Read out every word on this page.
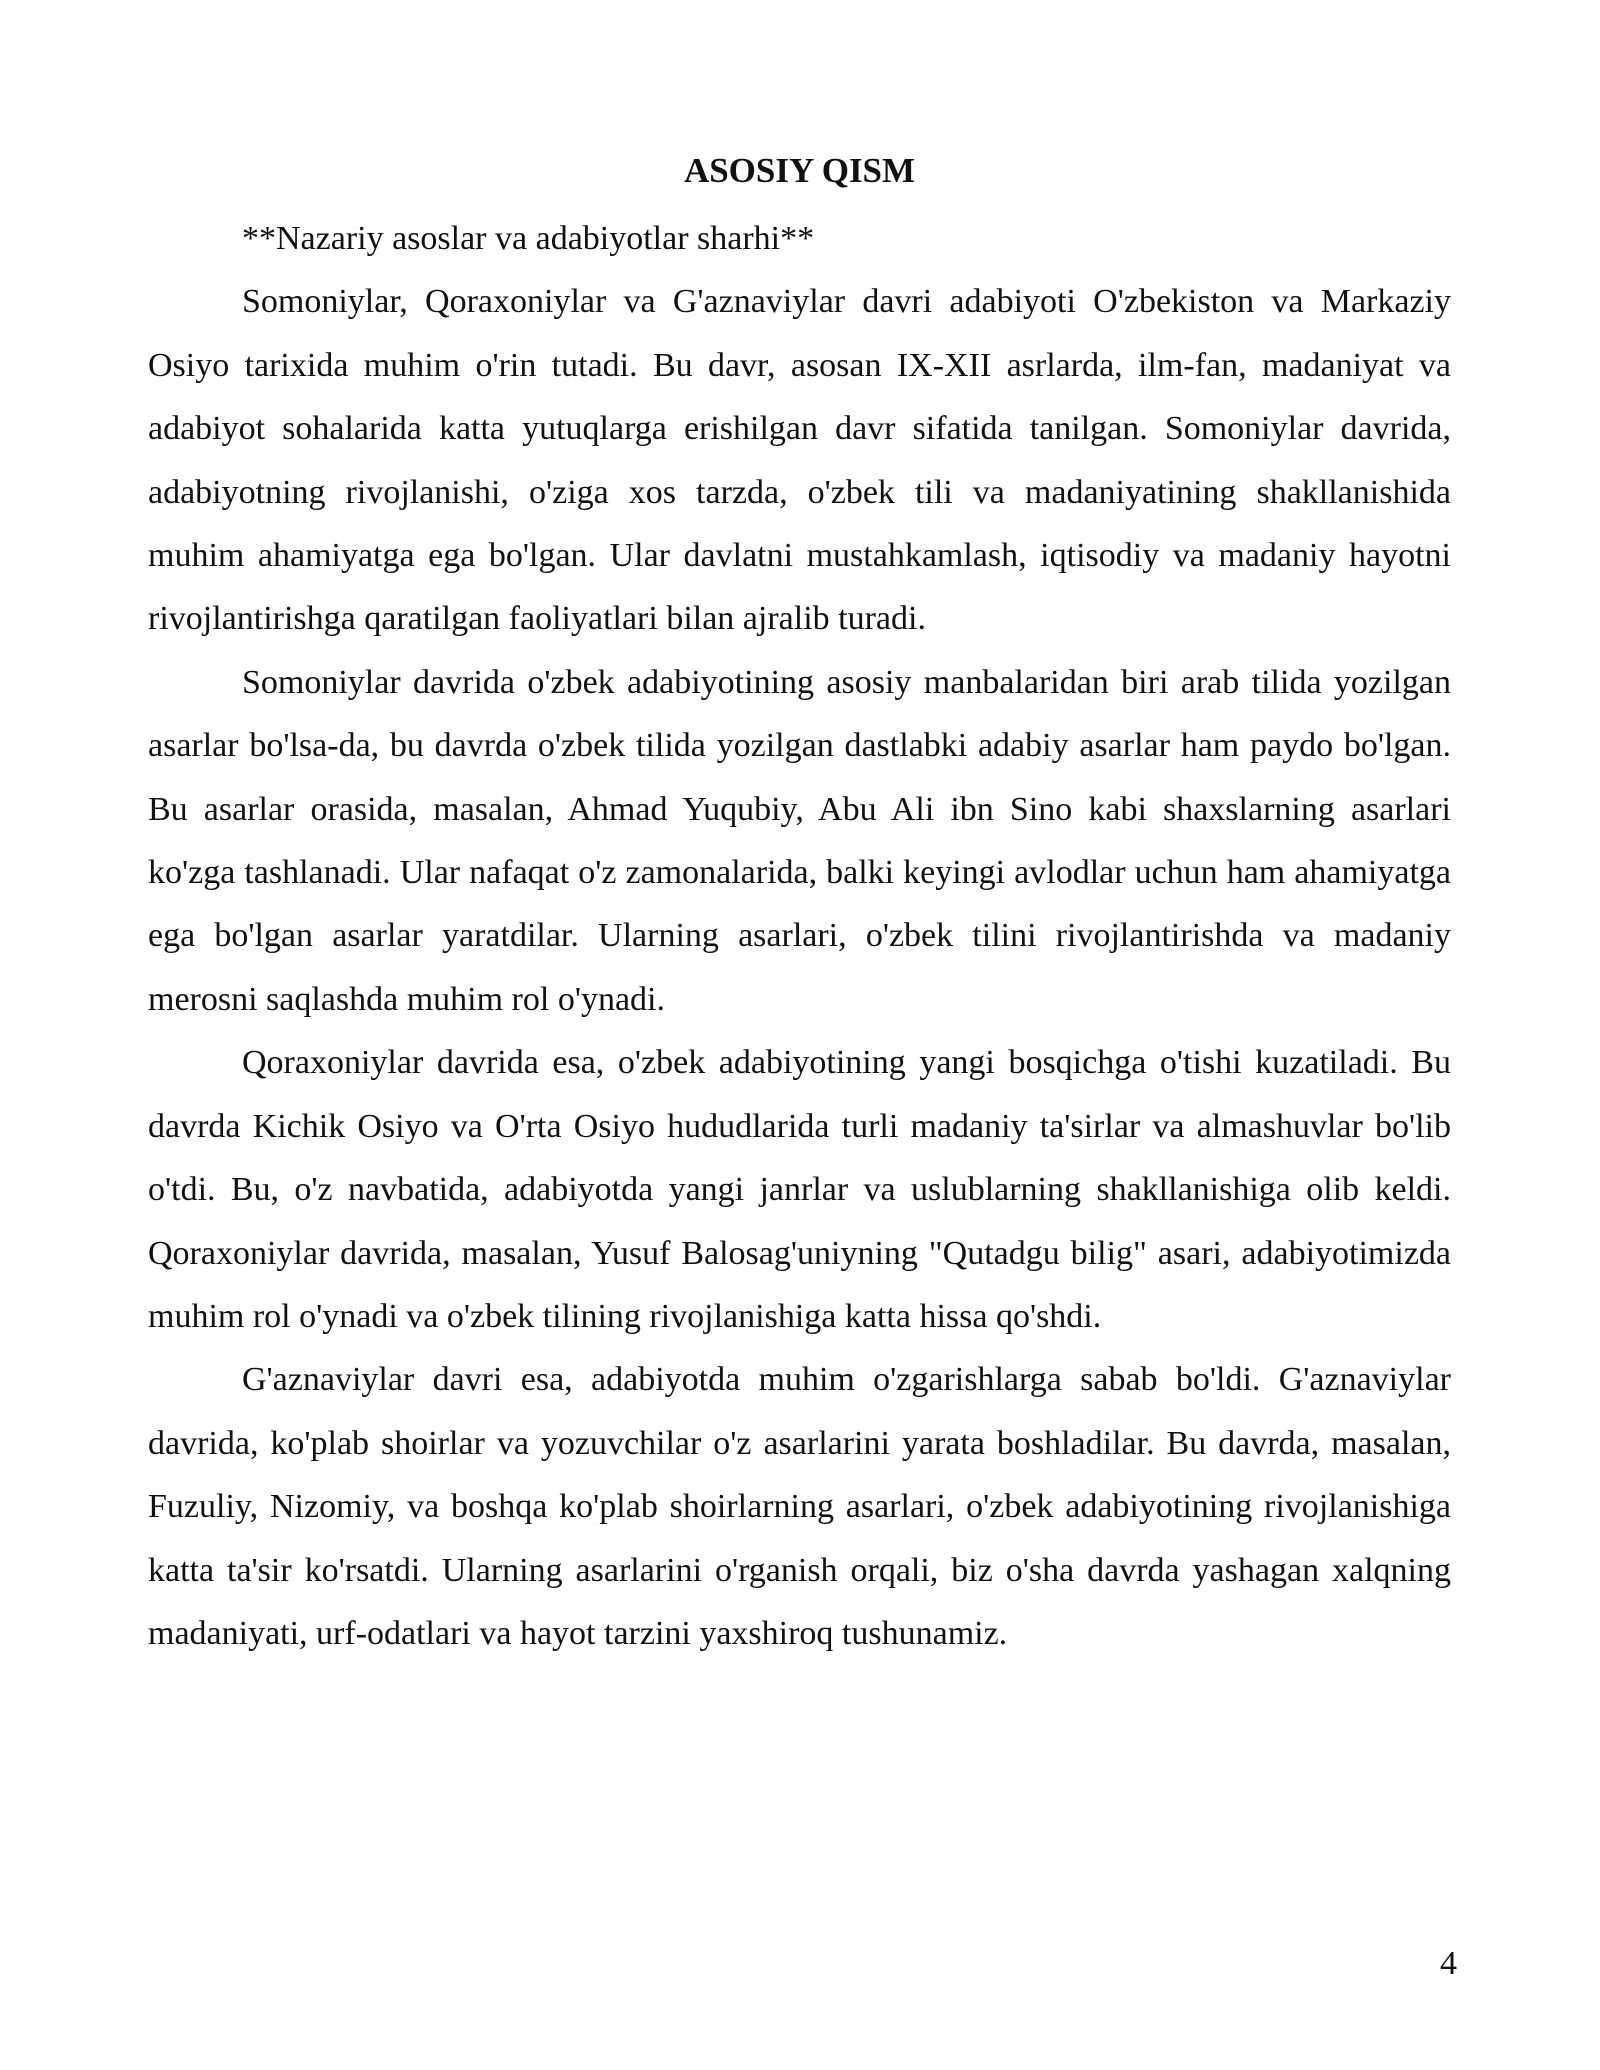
ASOSIY QISM

**Nazariy asoslar va adabiyotlar sharhi**

Somoniylar, Qoraxoniylar va G'aznaviylar davri adabiyoti O'zbekiston va Markaziy Osiyo tarixida muhim o'rin tutadi. Bu davr, asosan IX-XII asrlarda, ilm-fan, madaniyat va adabiyot sohalarida katta yutuqlarga erishilgan davr sifatida tanilgan. Somoniylar davrida, adabiyotning rivojlanishi, o'ziga xos tarzda, o'zbek tili va madaniyatining shakllanishida muhim ahamiyatga ega bo'lgan. Ular davlatni mustahkamlash, iqtisodiy va madaniy hayotni rivojlantirishga qaratilgan faoliyatlari bilan ajralib turadi.

Somoniylar davrida o'zbek adabiyotining asosiy manbalaridan biri arab tilida yozilgan asarlar bo'lsa-da, bu davrda o'zbek tilida yozilgan dastlabki adabiy asarlar ham paydo bo'lgan. Bu asarlar orasida, masalan, Ahmad Yuqubiy, Abu Ali ibn Sino kabi shaxslarning asarlari ko'zga tashlanadi. Ular nafaqat o'z zamonalarida, balki keyingi avlodlar uchun ham ahamiyatga ega bo'lgan asarlar yaratdilar. Ularning asarlari, o'zbek tilini rivojlantirishda va madaniy merosni saqlashda muhim rol o'ynadi.

Qoraxoniylar davrida esa, o'zbek adabiyotining yangi bosqichga o'tishi kuzatiladi. Bu davrda Kichik Osiyo va O'rta Osiyo hududlarida turli madaniy ta'sirlar va almashuvlar bo'lib o'tdi. Bu, o'z navbatida, adabiyotda yangi janrlar va uslublarning shakllanishiga olib keldi. Qoraxoniylar davrida, masalan, Yusuf Balosag'uniyning "Qutadgu bilig" asari, adabiyotimizda muhim rol o'ynadi va o'zbek tilining rivojlanishiga katta hissa qo'shdi.

G'aznaviylar davri esa, adabiyotda muhim o'zgarishlarga sabab bo'ldi. G'aznaviylar davrida, ko'plab shoirlar va yozuvchilar o'z asarlarini yarata boshladilar. Bu davrda, masalan, Fuzuliy, Nizomiy, va boshqa ko'plab shoirlarning asarlari, o'zbek adabiyotining rivojlanishiga katta ta'sir ko'rsatdi. Ularning asarlarini o'rganish orqali, biz o'sha davrda yashagan xalqning madaniyati, urf-odatlari va hayot tarzini yaxshiroq tushunamiz.

4
